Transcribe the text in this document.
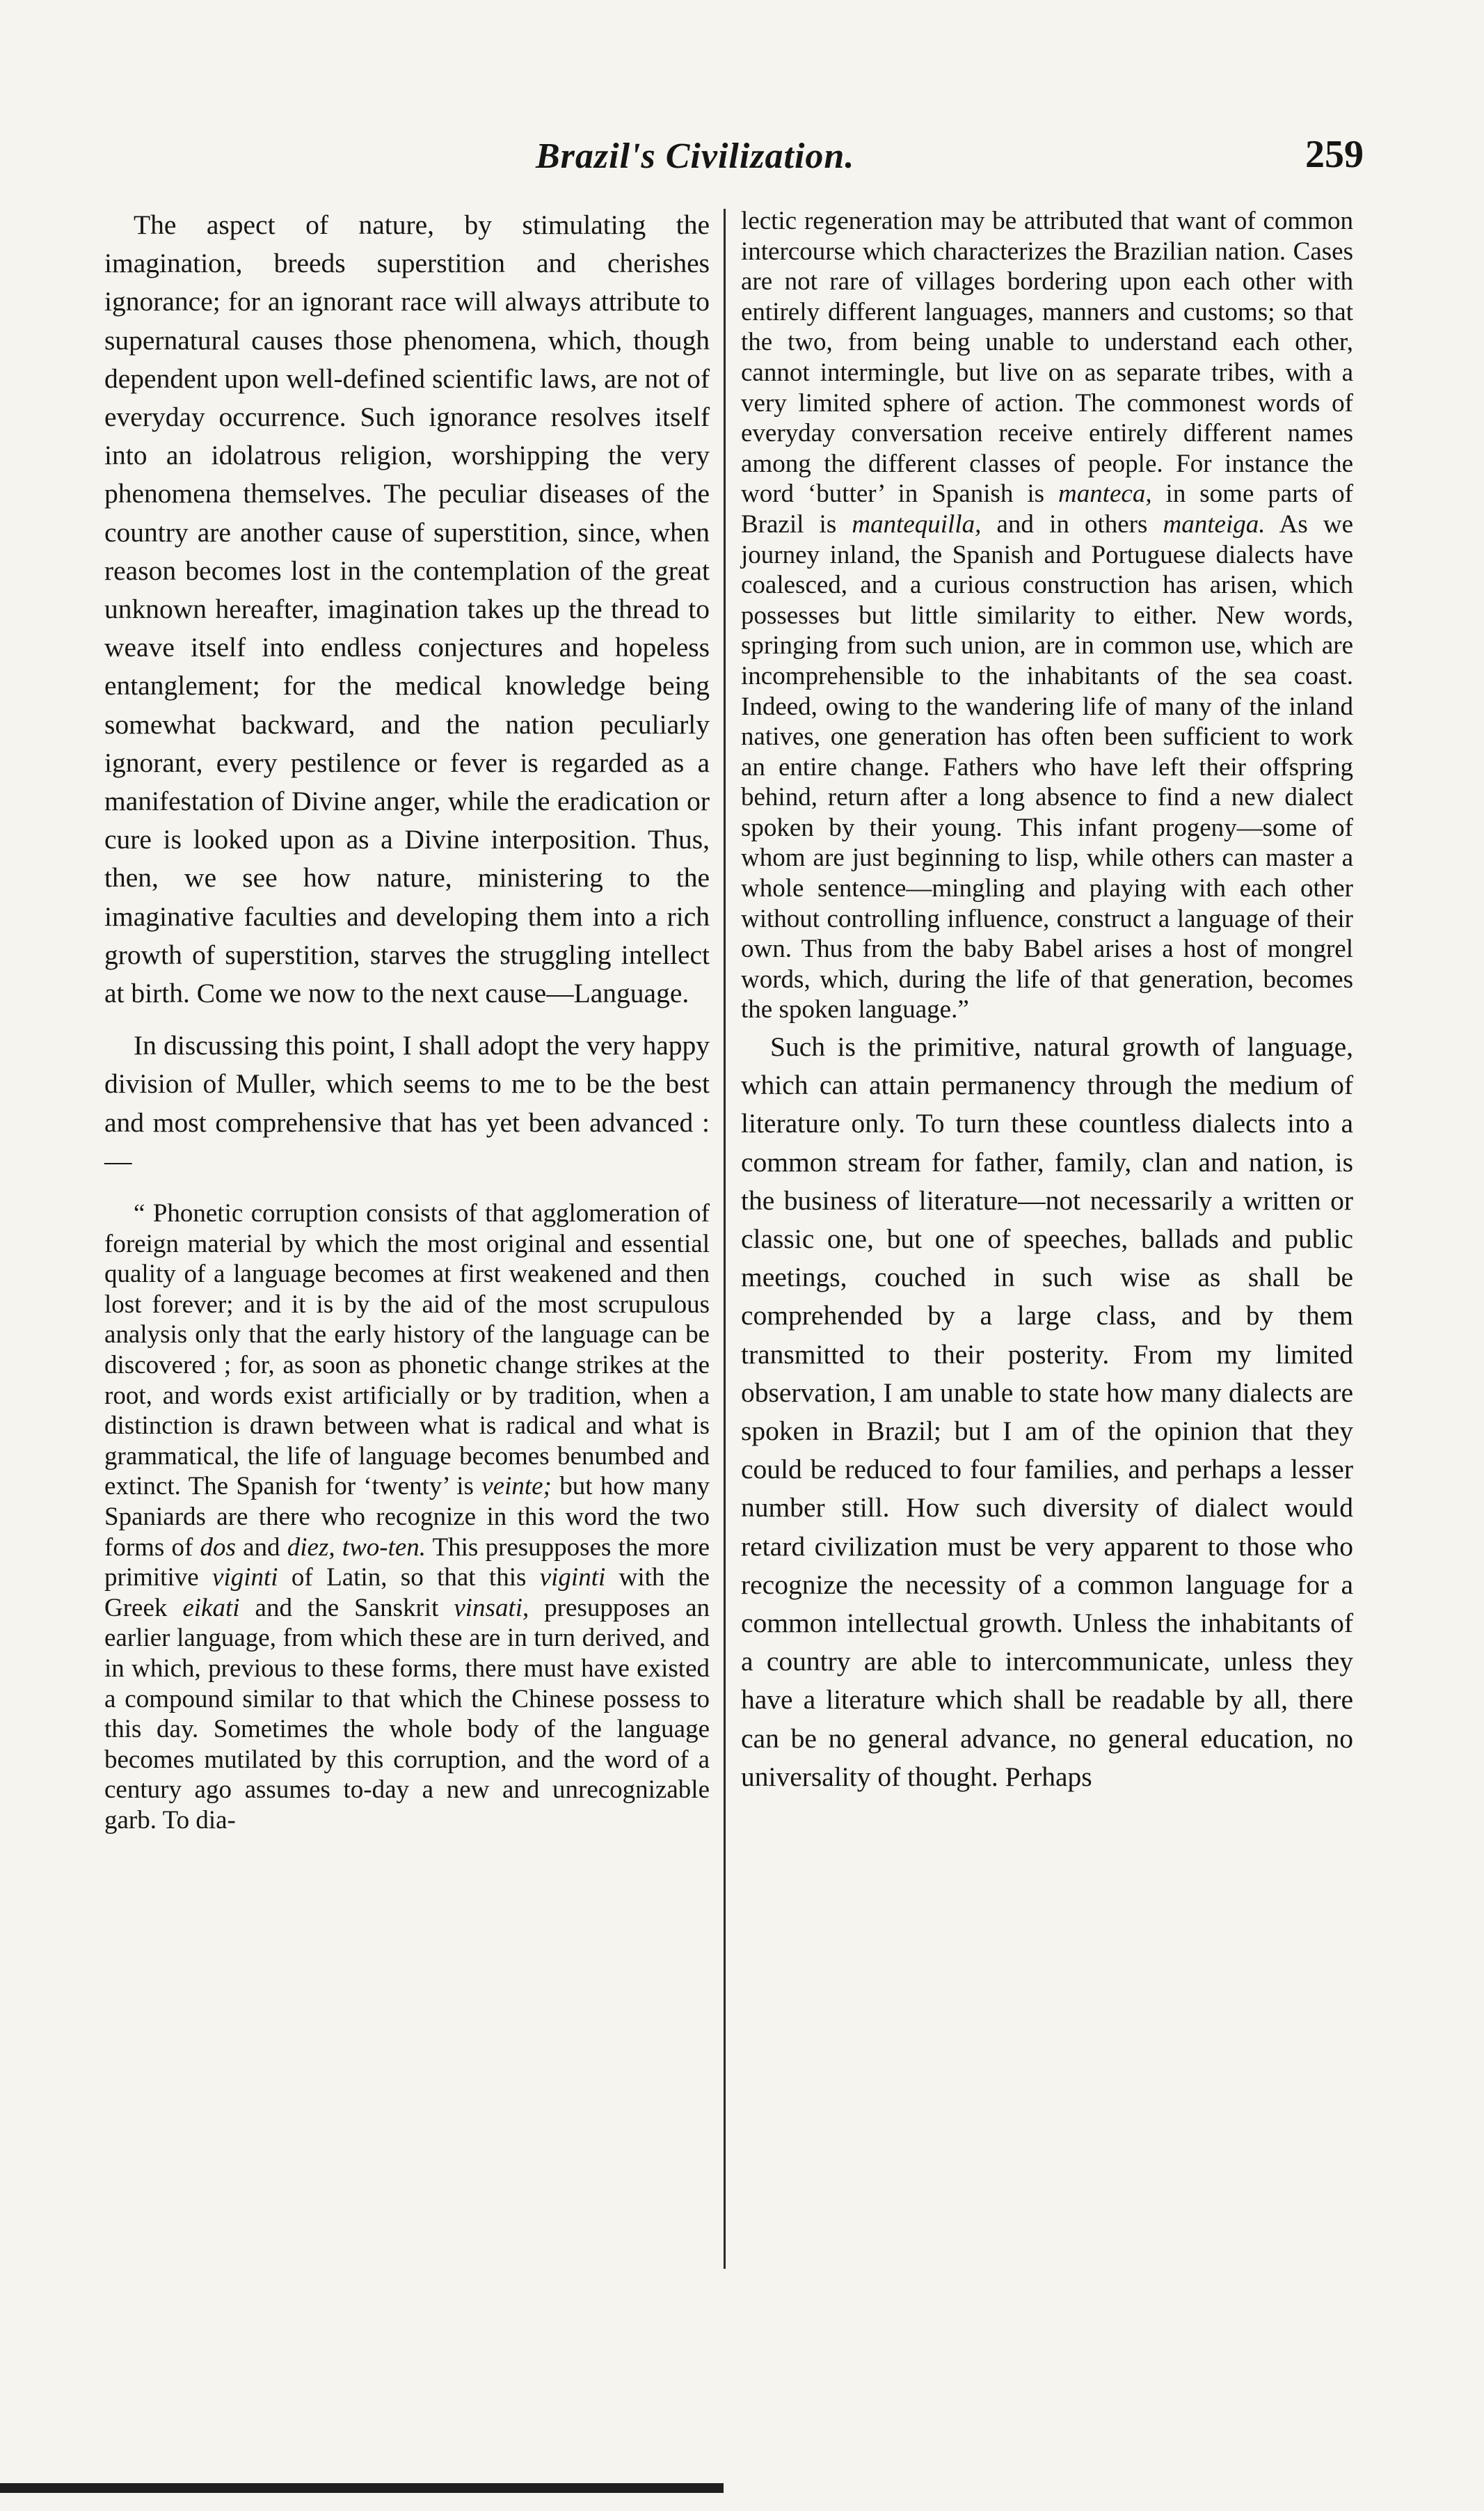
Brazil's Civilization.	259

The aspect of nature, by stimulating the imagination, breeds superstition and cherishes ignorance; for an ignorant race will always attribute to supernatural causes those phenomena, which, though dependent upon well-defined scientific laws, are not of everyday occurrence. Such ignorance resolves itself into an idolatrous religion, worshipping the very phenomena themselves. The peculiar diseases of the country are another cause of superstition, since, when reason becomes lost in the contemplation of the great unknown hereafter, imagination takes up the thread to weave itself into endless conjectures and hopeless entanglement; for the medical knowledge being somewhat backward, and the nation peculiarly ignorant, every pestilence or fever is regarded as a manifestation of Divine anger, while the eradication or cure is looked upon as a Divine interposition. Thus, then, we see how nature, ministering to the imaginative faculties and developing them into a rich growth of superstition, starves the struggling intellect at birth. Come we now to the next cause—Language.

In discussing this point, I shall adopt the very happy division of Muller, which seems to me to be the best and most comprehensive that has yet been advanced :—

“ Phonetic corruption consists of that agglomeration of foreign material by which the most original and essential quality of a language becomes at first weakened and then lost forever; and it is by the aid of the most scrupulous analysis only that the early history of the language can be discovered ; for, as soon as phonetic change strikes at the root, and words exist artificially or by tradition, when a distinction is drawn between what is radical and what is grammatical, the life of language becomes benumbed and extinct. The Spanish for ‘twenty’ is veinte; but how many Spaniards are there who recognize in this word the two forms of dos and diez, two-ten. This presupposes the more primitive viginti of Latin, so that this viginti with the Greek eikati and the Sanskrit vinsati, presupposes an earlier language, from which these are in turn derived, and in which, previous to these forms, there must have existed a compound similar to that which the Chinese possess to this day. Sometimes the whole body of the language becomes mutilated by this corruption, and the word of a century ago assumes to-day a new and unrecognizable garb. To dia-

lectic regeneration may be attributed that want of common intercourse which characterizes the Brazilian nation. Cases are not rare of villages bordering upon each other with entirely different languages, manners and customs; so that the two, from being unable to understand each other, cannot intermingle, but live on as separate tribes, with a very limited sphere of action. The commonest words of everyday conversation receive entirely different names among the different classes of people. For instance the word ‘butter’ in Spanish is manteca, in some parts of Brazil is mantequilla, and in others manteiga. As we journey inland, the Spanish and Portuguese dialects have coalesced, and a curious construction has arisen, which possesses but little similarity to either. New words, springing from such union, are in common use, which are incomprehensible to the inhabitants of the sea coast. Indeed, owing to the wandering life of many of the inland natives, one generation has often been sufficient to work an entire change. Fathers who have left their offspring behind, return after a long absence to find a new dialect spoken by their young. This infant progeny—some of whom are just beginning to lisp, while others can master a whole sentence—mingling and playing with each other without controlling influence, construct a language of their own. Thus from the baby Babel arises a host of mongrel words, which, during the life of that generation, becomes the spoken language.”

Such is the primitive, natural growth of language, which can attain permanency through the medium of literature only. To turn these countless dialects into a common stream for father, family, clan and nation, is the business of literature—not necessarily a written or classic one, but one of speeches, ballads and public meetings, couched in such wise as shall be comprehended by a large class, and by them transmitted to their posterity. From my limited observation, I am unable to state how many dialects are spoken in Brazil; but I am of the opinion that they could be reduced to four families, and perhaps a lesser number still. How such diversity of dialect would retard civilization must be very apparent to those who recognize the necessity of a common language for a common intellectual growth. Unless the inhabitants of a country are able to intercommunicate, unless they have a literature which shall be readable by all, there can be no general advance, no general education, no universality of thought. Perhaps
